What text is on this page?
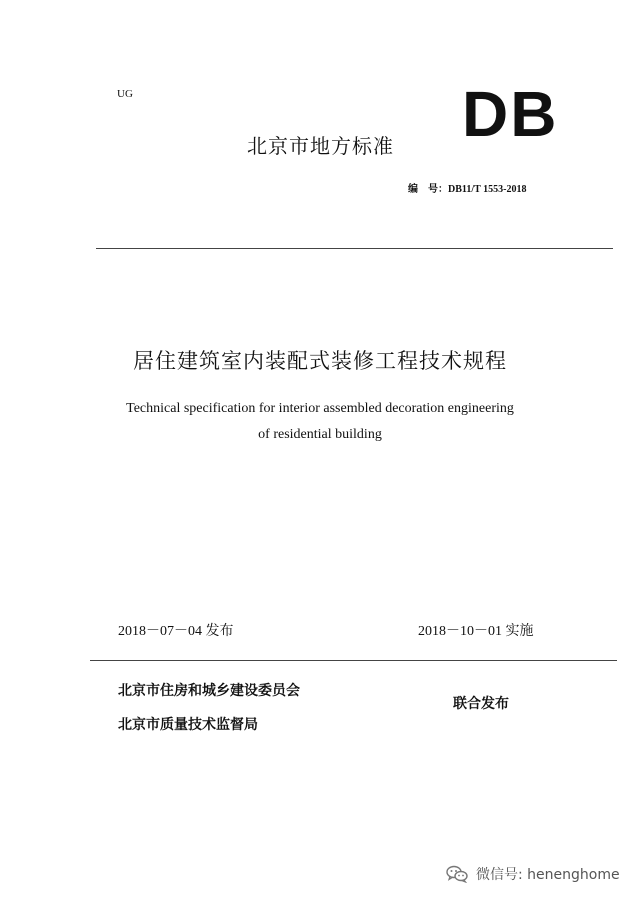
UG
北京市地方标准 DB
编　号：DB11/T 1553-2018
居住建筑室内装配式装修工程技术规程
Technical specification for interior assembled decoration engineering
of residential building
2018－07－04 发布	2018－10－01 实施
北京市住房和城乡建设委员会
北京市质量技术监督局
联合发布
微信号: henenghome
